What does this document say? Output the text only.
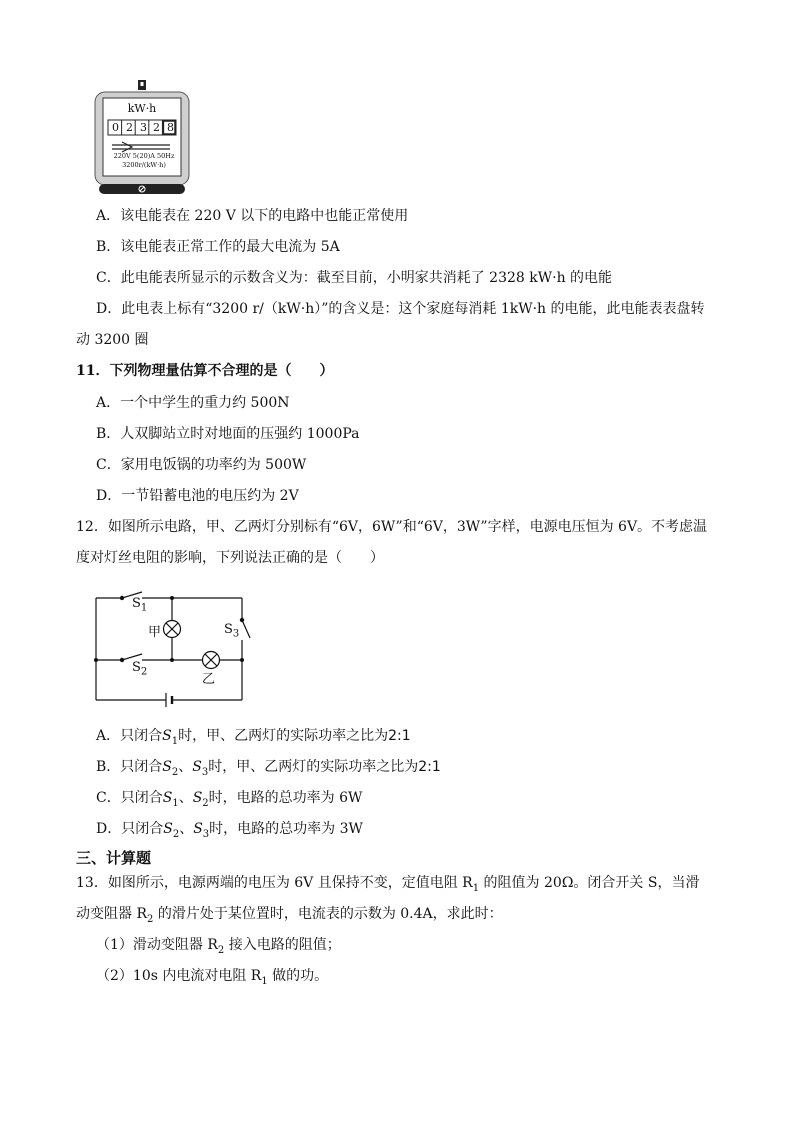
kW·h
0 2 3 2 8
220V 5(20)A 50Hz
3200r/(kW·h)
A．该电能表在 220 V 以下的电路中也能正常使用
B．该电能表正常工作的最大电流为 5A
C．此电能表所显示的示数含义为：截至目前，小明家共消耗了 2328 kW·h 的电能
D．此电表上标有“3200 r/（kW·h）”的含义是：这个家庭每消耗 1kW·h 的电能，此电能表表盘转
动 3200 圈
11．下列物理量估算不合理的是（　　）
A．一个中学生的重力约 500N
B．人双脚站立时对地面的压强约 1000Pa
C．家用电饭锅的功率约为 500W
D．一节铅蓄电池的电压约为 2V
12．如图所示电路，甲、乙两灯分别标有“6V，6W”和“6V，3W”字样，电源电压恒为 6V。不考虑温
度对灯丝电阻的影响，下列说法正确的是（　　）
$S_1$
$S_3$
甲
$S_2$	乙
A．只闭合$S_1$时，甲、乙两灯的实际功率之比为2:1
B．只闭合$S_2$、$S_3$时，甲、乙两灯的实际功率之比为2:1
C．只闭合$S_1$、$S_2$时，电路的总功率为 6W
D．只闭合$S_2$、$S_3$时，电路的总功率为 3W
三、计算题
13．如图所示，电源两端的电压为 6V 且保持不变，定值电阻 $R_1$ 的阻值为 20Ω。闭合开关 S，当滑
动变阻器 $R_2$ 的滑片处于某位置时，电流表的示数为 0.4A，求此时：
（1）滑动变阻器 $R_2$ 接入电路的阻值；
（2）10s 内电流对电阻 $R_1$ 做的功。
